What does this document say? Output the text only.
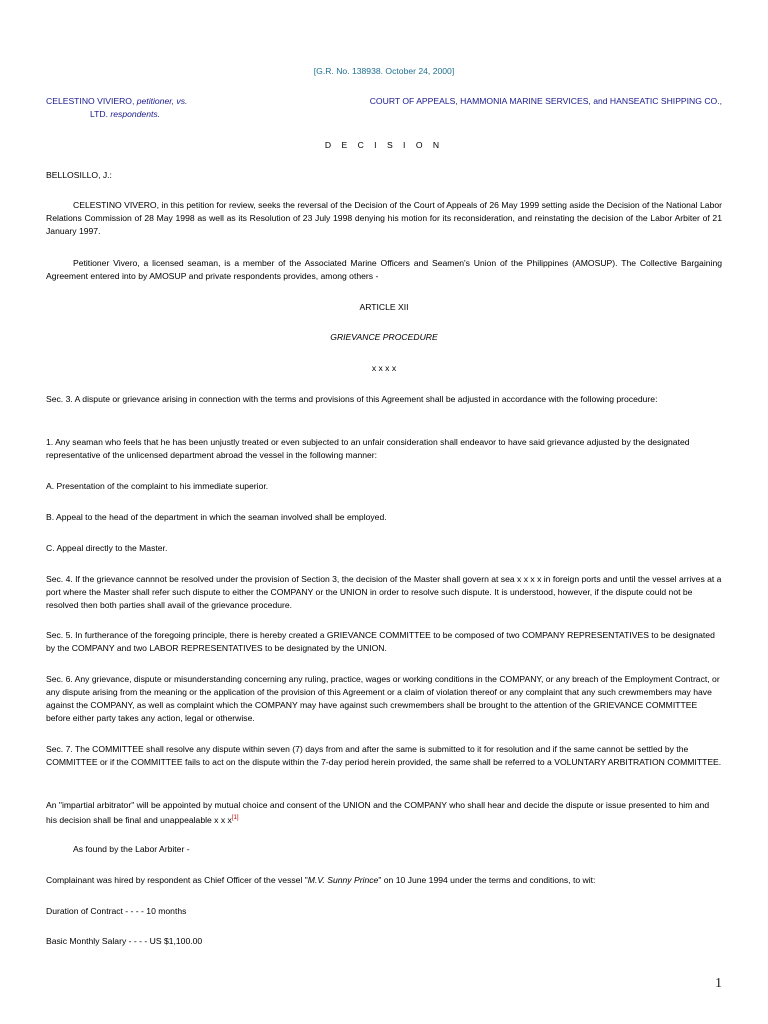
[G.R. No. 138938. October 24, 2000]

CELESTINO VIVIERO, petitioner, vs.	COURT OF APPEALS, HAMMONIA MARINE SERVICES, and HANSEATIC SHIPPING CO.,
LTD. respondents.

D E C I S I O N

BELLOSILLO, J.:

CELESTINO VIVERO, in this petition for review, seeks the reversal of the Decision of the Court of Appeals of 26 May 1999 setting aside the Decision of the National Labor Relations Commission of 28 May 1998 as well as its Resolution of 23 July 1998 denying his motion for its reconsideration, and reinstating the decision of the Labor Arbiter of 21 January 1997.

Petitioner Vivero, a licensed seaman, is a member of the Associated Marine Officers and Seamen's Union of the Philippines (AMOSUP). The Collective Bargaining Agreement entered into by AMOSUP and private respondents provides, among others -

ARTICLE XII

GRIEVANCE PROCEDURE

x x x x

Sec. 3. A dispute or grievance arising in connection with the terms and provisions of this Agreement shall be adjusted in accordance with the following procedure:

1. Any seaman who feels that he has been unjustly treated or even subjected to an unfair consideration shall endeavor to have said grievance adjusted by the designated representative of the unlicensed department abroad the vessel in the following manner:

A. Presentation of the complaint to his immediate superior.

B. Appeal to the head of the department in which the seaman involved shall be employed.

C. Appeal directly to the Master.

Sec. 4. If the grievance cannnot be resolved under the provision of Section 3, the decision of the Master shall govern at sea x x x x in foreign ports and until the vessel arrives at a port where the Master shall refer such dispute to either the COMPANY or the UNION in order to resolve such dispute. It is understood, however, if the dispute could not be resolved then both parties shall avail of the grievance procedure.

Sec. 5. In furtherance of the foregoing principle, there is hereby created a GRIEVANCE COMMITTEE to be composed of two COMPANY REPRESENTATIVES to be designated by the COMPANY and two LABOR REPRESENTATIVES to be designated by the UNION.

Sec. 6. Any grievance, dispute or misunderstanding concerning any ruling, practice, wages or working conditions in the COMPANY, or any breach of the Employment Contract, or any dispute arising from the meaning or the application of the provision of this Agreement or a claim of violation thereof or any complaint that any such crewmembers may have against the COMPANY, as well as complaint which the COMPANY may have against such crewmembers shall be brought to the attention of the GRIEVANCE COMMITTEE before either party takes any action, legal or otherwise.

Sec. 7. The COMMITTEE shall resolve any dispute within seven (7) days from and after the same is submitted to it for resolution and if the same cannot be settled by the COMMITTEE or if the COMMITTEE fails to act on the dispute within the 7-day period herein provided, the same shall be referred to a VOLUNTARY ARBITRATION COMMITTEE.

An "impartial arbitrator" will be appointed by mutual choice and consent of the UNION and the COMPANY who shall hear and decide the dispute or issue presented to him and his decision shall be final and unappealable x x x[1]

As found by the Labor Arbiter -

Complainant was hired by respondent as Chief Officer of the vessel "M.V. Sunny Prince" on 10 June 1994 under the terms and conditions, to wit:

Duration of Contract - - - - 10 months

Basic Monthly Salary - - - - US $1,100.00

1
